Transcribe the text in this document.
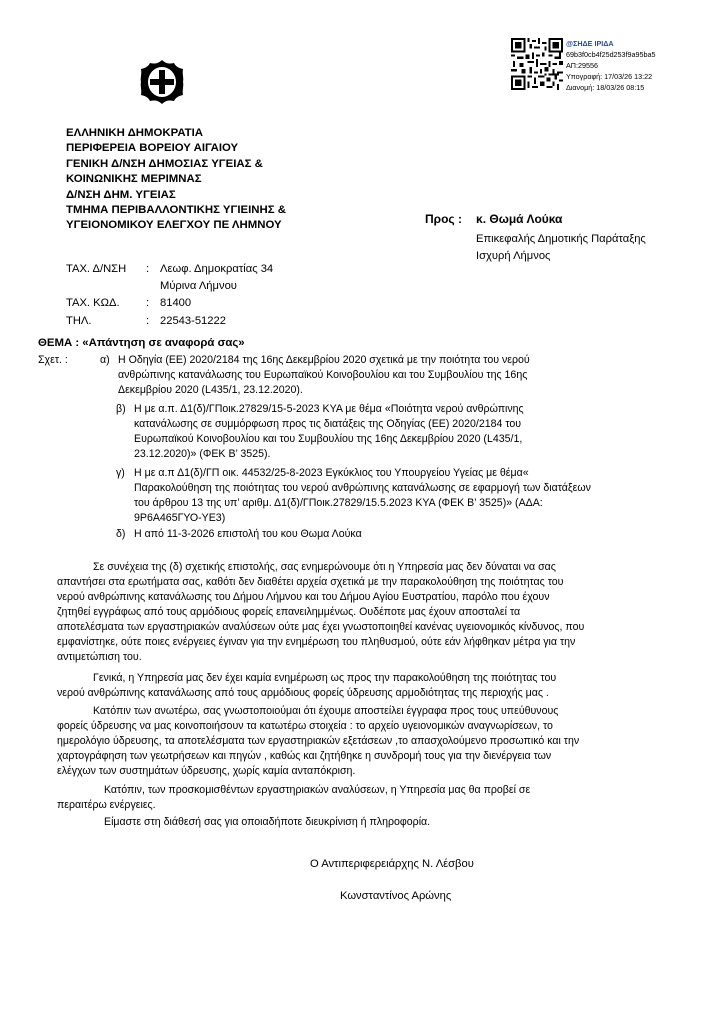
@ΣΗΔΕ ΙΡΙΔΑ
69b3f0cb4f25d253f9a95ba5
ΑΠ:29556
Υπογραφή: 17/03/26 13:22
Διανομή: 18/03/26 08:15
ΕΛΛΗΝΙΚΗ ΔΗΜΟΚΡΑΤΙΑ
ΠΕΡΙΦΕΡΕΙΑ ΒΟΡΕΙΟΥ ΑΙΓΑΙΟΥ
ΓΕΝΙΚΗ Δ/ΝΣΗ ΔΗΜΟΣΙΑΣ ΥΓΕΙΑΣ &
ΚΟΙΝΩΝΙΚΗΣ ΜΕΡΙΜΝΑΣ
Δ/ΝΣΗ ΔΗΜ. ΥΓΕΙΑΣ
ΤΜΗΜΑ ΠΕΡΙΒΑΛΛΟΝΤΙΚΗΣ ΥΓΙΕΙΝΗΣ &
ΥΓΕΙΟΝΟΜΙΚΟΥ ΕΛΕΓΧΟΥ ΠΕ ΛΗΜΝΟΥ	Προς : κ. Θωμά Λούκα
Επικεφαλής Δημοτικής Παράταξης
Ισχυρή Λήμνος
ΤΑΧ. Δ/ΝΣΗ : Λεωφ. Δημοκρατίας 34
Μύρινα Λήμνου
ΤΑΧ. ΚΩΔ. : 81400
ΤΗΛ.	: 22543-51222
ΘΕΜΑ : «Απάντηση σε αναφορά σας»
Σχετ. :	α) Η Οδηγία (ΕΕ) 2020/2184 της 16ης Δεκεμβρίου 2020 σχετικά με την ποιότητα του νερού
ανθρώπινης κατανάλωσης του Ευρωπαϊκού Κοινοβουλίου και του Συμβουλίου της 16ης
Δεκεμβρίου 2020 (L435/1, 23.12.2020).
β) Η με α.π. Δ1(δ)/ΓΠοικ.27829/15-5-2023 ΚΥΑ με θέμα «Ποιότητα νερού ανθρώπινης
κατανάλωσης σε συμμόρφωση προς τις διατάξεις της Οδηγίας (ΕΕ) 2020/2184 του
Ευρωπαϊκού Κοινοβουλίου και του Συμβουλίου της 16ης Δεκεμβρίου 2020 (L435/1,
23.12.2020)» (ΦΕΚ Β’ 3525).
γ) Η με α.π Δ1(δ)/ΓΠ οικ. 44532/25-8-2023 Εγκύκλιος του Υπουργείου Υγείας με θέμα«
Παρακολούθηση της ποιότητας του νερού ανθρώπινης κατανάλωσης σε εφαρμογή των διατάξεων
του άρθρου 13 της υπ’ αριθμ. Δ1(δ)/ΓΠοικ.27829/15.5.2023 ΚΥΑ (ΦΕΚ Β’ 3525)» (ΑΔΑ:
9Ρ6Α465ΓΥΟ-ΥΕ3)
δ) Η από 11-3-2026 επιστολή του κου Θωμα Λούκα
Σε συνέχεια της (δ) σχετικής επιστολής, σας ενημερώνουμε ότι η Υπηρεσία μας δεν δύναται να σας
απαντήσει στα ερωτήματα σας, καθότι δεν διαθέτει αρχεία σχετικά με την παρακολούθηση της ποιότητας του
νερού ανθρώπινης κατανάλωσης του Δήμου Λήμνου και του Δήμου Αγίου Ευστρατίου, παρόλο που έχουν
ζητηθεί εγγράφως από τους αρμόδιους φορείς επανειλημμένως. Ουδέποτε μας έχουν αποσταλεί τα
αποτελέσματα των εργαστηριακών αναλύσεων ούτε μας έχει γνωστοποιηθεί κανένας υγειονομικός κίνδυνος, που
εμφανίστηκε, ούτε ποιες ενέργειες έγιναν για την ενημέρωση του πληθυσμού, ούτε εάν λήφθηκαν μέτρα για την
αντιμετώπιση του.
Γενικά, η Υπηρεσία μας δεν έχει καμία ενημέρωση ως προς την παρακολούθηση της ποιότητας του
νερού ανθρώπινης κατανάλωσης από τους αρμόδιους φορείς ύδρευσης αρμοδιότητας της περιοχής μας .
Κατόπιν των ανωτέρω, σας γνωστοποιούμαι ότι έχουμε αποστείλει έγγραφα προς τους υπεύθυνους
φορείς ύδρευσης να μας κοινοποιήσουν τα κατωτέρω στοιχεία : το αρχείο υγειονομικών αναγνωρίσεων, το
ημερολόγιο ύδρευσης, τα αποτελέσματα των εργαστηριακών εξετάσεων ,το απασχολούμενο προσωπικό και την
χαρτογράφηση των γεωτρήσεων και πηγών , καθώς και ζητήθηκε η συνδρομή τους για την διενέργεια των
ελέγχων των συστημάτων ύδρευσης, χωρίς καμία ανταπόκριση.
Κατόπιν, των προσκομισθέντων εργαστηριακών αναλύσεων, η Υπηρεσία μας θα προβεί σε
περαιτέρω ενέργειες.
Είμαστε στη διάθεσή σας για οποιαδήποτε διευκρίνιση ή πληροφορία.
Ο Αντιπεριφερειάρχης Ν. Λέσβου
Κωνσταντίνος Αρώνης
